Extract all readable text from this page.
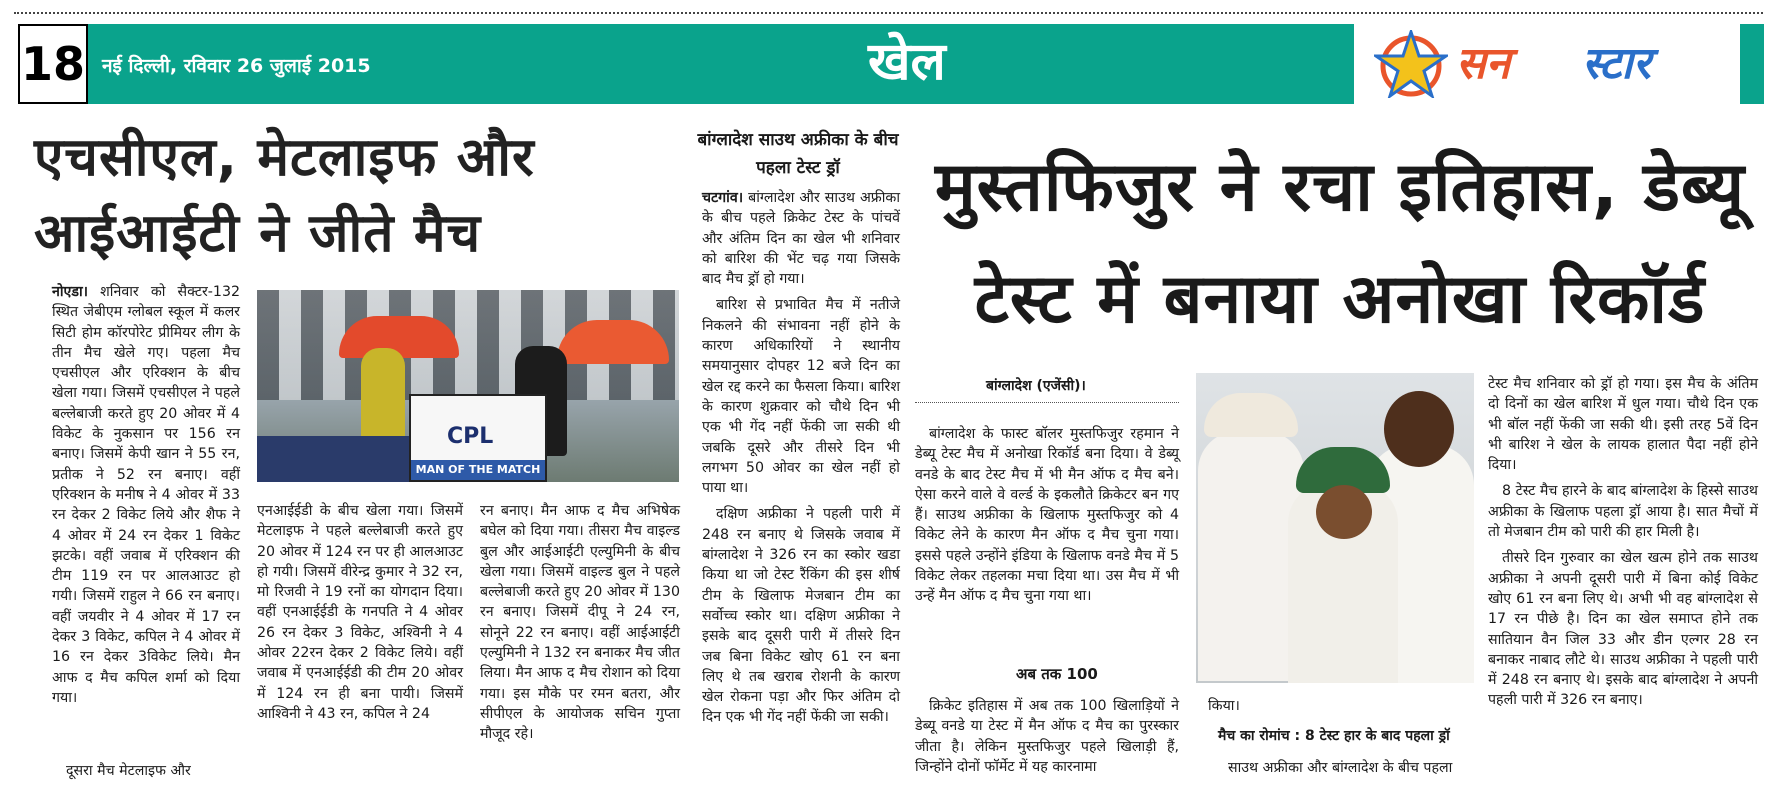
18 नई दिल्ली, रविवार 26 जुलाई 2015	खेल	सन स्टार
एचसीएल, मेटलाइफ और आईआईटी ने जीते मैच

नोएडा। शनिवार को सैक्टर-132 स्थित जेबीएम ग्लोबल स्कूल में कलर सिटी होम कॉरपोरेट प्रीमियर लीग के तीन मैच खेले गए। पहला मैच एचसीएल और एरिक्शन के बीच खेला गया। जिसमें एचसीएल ने पहले बल्लेबाजी करते हुए 20 ओवर में 4 विकेट के नुकसान पर 156 रन बनाए। जिसमें केपी खान ने 55 रन, प्रतीक ने 52 रन बनाए। वहीं एरिक्शन के मनीष ने 4 ओवर में 33 रन देकर 2 विकेट लिये और शैफ ने 4 ओवर में 24 रन देकर 1 विकेट झटके। वहीं जवाब में एरिक्शन की टीम 119 रन पर आलआउट हो गयी। जिसमें राहुल ने 66 रन बनाए। वहीं जयवीर ने 4 ओवर में 17 रन देकर 3 विकेट, कपिल ने 4 ओवर में 16 रन देकर 3विकेट लिये। मैन आफ द मैच कपिल शर्मा को दिया गया।

दूसरा मैच मेटलाइफ और
CPL
MAN OF THE MATCH
एनआईईडी के बीच खेला गया। जिसमें मेटलाइफ ने पहले बल्लेबाजी करते हुए 20 ओवर में 124 रन पर ही आलआउट हो गयी। जिसमें वीरेन्द्र कुमार ने 32 रन, मो रिजवी ने 19 रनों का योगदान दिया। वहीं एनआईईडी के गनपति ने 4 ओवर 26 रन देकर 3 विकेट, अश्विनी ने 4 ओवर 22रन देकर 2 विकेट लिये। वहीं जवाब में एनआईईडी की टीम 20 ओवर में 124 रन ही बना पायी। जिसमें आश्विनी ने 43 रन, कपिल ने 24
रन बनाए। मैन आफ द मैच अभिषेक बघेल को दिया गया। तीसरा मैच वाइल्ड बुल और आईआईटी एल्युमिनी के बीच खेला गया। जिसमें वाइल्ड बुल ने पहले बल्लेबाजी करते हुए 20 ओवर में 130 रन बनाए। जिसमें दीपू ने 24 रन, सोनूने 22 रन बनाए। वहीं आईआईटी एल्युमिनी ने 132 रन बनाकर मैच जीत लिया। मैन आफ द मैच रोशान को दिया गया। इस मौके पर रमन बतरा, और सीपीएल के आयोजक सचिन गुप्ता मौजूद रहे।
बांग्लादेश साउथ अफ्रीका के बीच पहला टेस्ट ड्रॉ

चटगांव। बांग्लादेश और साउथ अफ्रीका के बीच पहले क्रिकेट टेस्ट के पांचवें और अंतिम दिन का खेल भी शनिवार को बारिश की भेंट चढ़ गया जिसके बाद मैच ड्रॉ हो गया।

बारिश से प्रभावित मैच में नतीजे निकलने की संभावना नहीं होने के कारण अधिकारियों ने स्थानीय समयानुसार दोपहर 12 बजे दिन का खेल रद्द करने का फैसला किया। बारिश के कारण शुक्रवार को चौथे दिन भी एक भी गेंद नहीं फेंकी जा सकी थी जबकि दूसरे और तीसरे दिन भी लगभग 50 ओवर का खेल नहीं हो पाया था।

दक्षिण अफ्रीका ने पहली पारी में 248 रन बनाए थे जिसके जवाब में बांग्लादेश ने 326 रन का स्कोर खडा किया था जो टेस्ट रैंकिंग की इस शीर्ष टीम के खिलाफ मेजबान टीम का सर्वोच्च स्कोर था। दक्षिण अफ्रीका ने इसके बाद दूसरी पारी में तीसरे दिन जब बिना विकेट खोए 61 रन बना लिए थे तब खराब रोशनी के कारण खेल रोकना पड़ा और फिर अंतिम दो दिन एक भी गेंद नहीं फेंकी जा सकी।

मुस्तफिजुर ने रचा इतिहास, डेब्यू टेस्ट में बनाया अनोखा रिकॉर्ड
बांग्लादेश (एजेंसी)।
बांग्लादेश के फास्ट बॉलर मुस्तफिजुर रहमान ने डेब्यू टेस्ट मैच में अनोखा रिकॉर्ड बना दिया। वे डेब्यू वनडे के बाद टेस्ट मैच में भी मैन ऑफ द मैच बने। ऐसा करने वाले वे वर्ल्ड के इकलौते क्रिकेटर बन गए हैं। साउथ अफ्रीका के खिलाफ मुस्तफिजुर को 4 विकेट लेने के कारण मैन ऑफ द मैच चुना गया। इससे पहले उन्होंने इंडिया के खिलाफ वनडे मैच में 5 विकेट लेकर तहलका मचा दिया था। उस मैच में भी उन्हें मैन ऑफ द मैच चुना गया था।
अब तक 100
क्रिकेट इतिहास में अब तक 100 खिलाड़ियों ने डेब्यू वनडे या टेस्ट में मैन ऑफ द मैच का पुरस्कार जीता है। लेकिन मुस्तफिजुर पहले खिलाड़ी हैं, जिन्होंने दोनों फॉर्मेट में यह कारनामा
किया।
मैच का रोमांच : 8 टेस्ट हार के बाद पहला ड्रॉ
साउथ अफ्रीका और बांग्लादेश के बीच पहला

टेस्ट मैच शनिवार को ड्रॉ हो गया। इस मैच के अंतिम दो दिनों का खेल बारिश में धुल गया। चौथे दिन एक भी बॉल नहीं फेंकी जा सकी थी। इसी तरह 5वें दिन भी बारिश ने खेल के लायक हालात पैदा नहीं होने दिया।

8 टेस्ट मैच हारने के बाद बांग्लादेश के हिस्से साउथ अफ्रीका के खिलाफ पहला ड्रॉ आया है। सात मैचों में तो मेजबान टीम को पारी की हार मिली है।

तीसरे दिन गुरुवार का खेल खत्म होने तक साउथ अफ्रीका ने अपनी दूसरी पारी में बिना कोई विकेट खोए 61 रन बना लिए थे। अभी भी वह बांग्लादेश से 17 रन पीछे है। दिन का खेल समाप्त होने तक सातियान वैन जिल 33 और डीन एल्गर 28 रन बनाकर नाबाद लौटे थे। साउथ अफ्रीका ने पहली पारी में 248 रन बनाए थे। इसके बाद बांग्लादेश ने अपनी पहली पारी में 326 रन बनाए।
